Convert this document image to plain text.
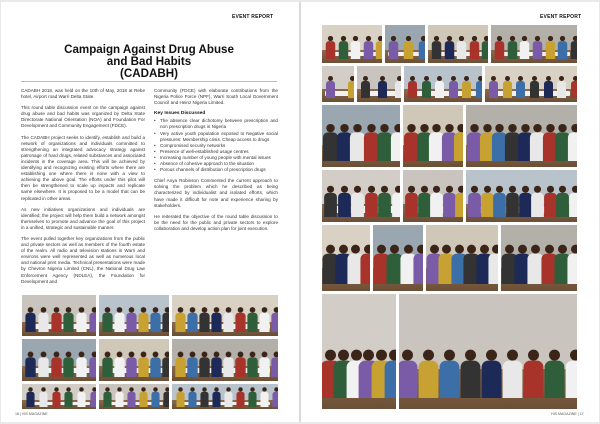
EVENT REPORT
Campaign Against Drug Abuse
and Bad Habits
(CADABH)

CADABH 2018, was held on the 10th of May, 2018 at Rebe hotel, Airport road Warri Delta State.

This round table discussion event on the campaign against drug abuse and bad habits was organized by Delta State Directorate National Orientation (NOA) and Foundation For Development and Community Engagement (FDCE).

The CADABH project seeks to identify, establish and build a network of organizations and individuals committed to strengthening an integrated advocacy strategy against patronage of hard drugs, related substances and associated incidents in the coverage area. This will be achieved by identifying and recognizing existing efforts where there are establishing one where there is none with a view to achieving the above goal. The efforts under this pilot will then be strengthened to scale up impacts and replicate same elsewhere. It is proposed to be a model that can be replicated in other areas.

As new initiatives organizations and individuals are identified; the project will help them build a network amongst themselves to promote and advance the goal of this project in a unified, strategic and sustainable manner.

The event pulled together key organizations from the public and private sectors as well as members of the fourth estate of the realm. All radio and television stations in Warri and environs were well represented as well as numerous local and national print media. Technical presentations were made by Chevron Nigeria Limited (CNL), the National Drug Law Enforcement Agency (NDLEA), the Foundation for Development and

Community (FDCE) with elaborate contributions from the Nigeria Police Force (NPF), Warri South Local Government Council and Heinz Nigeria Limited.

Key Issues Discussed
• The absence clear dichotomy between prescription and non prescription drugs in Nigeria
• Very active youth population exposed to Negative social pressures: Membership crisis. Cheap access to drugs
• Compromised security networks
• Presence of well-established usage centres
• Increasing number of young people with mental issues
• Absence of cohesive approach to the situation
• Porous channels of distribution of prescription drugs

Chief Anya Robinson Commented the current approach to solving the problem which he described as being characterized by individualist and isolated efforts, which have made it difficult for note and experience sharing by stakeholders.

He reiterated the objective of the round table discussion to be the need for the public and private sectors to explore collaboration and develop action plan for joint execution.

16 | HIS MAGAZINE
EVENT REPORT
HIS MAGAZINE | 17
